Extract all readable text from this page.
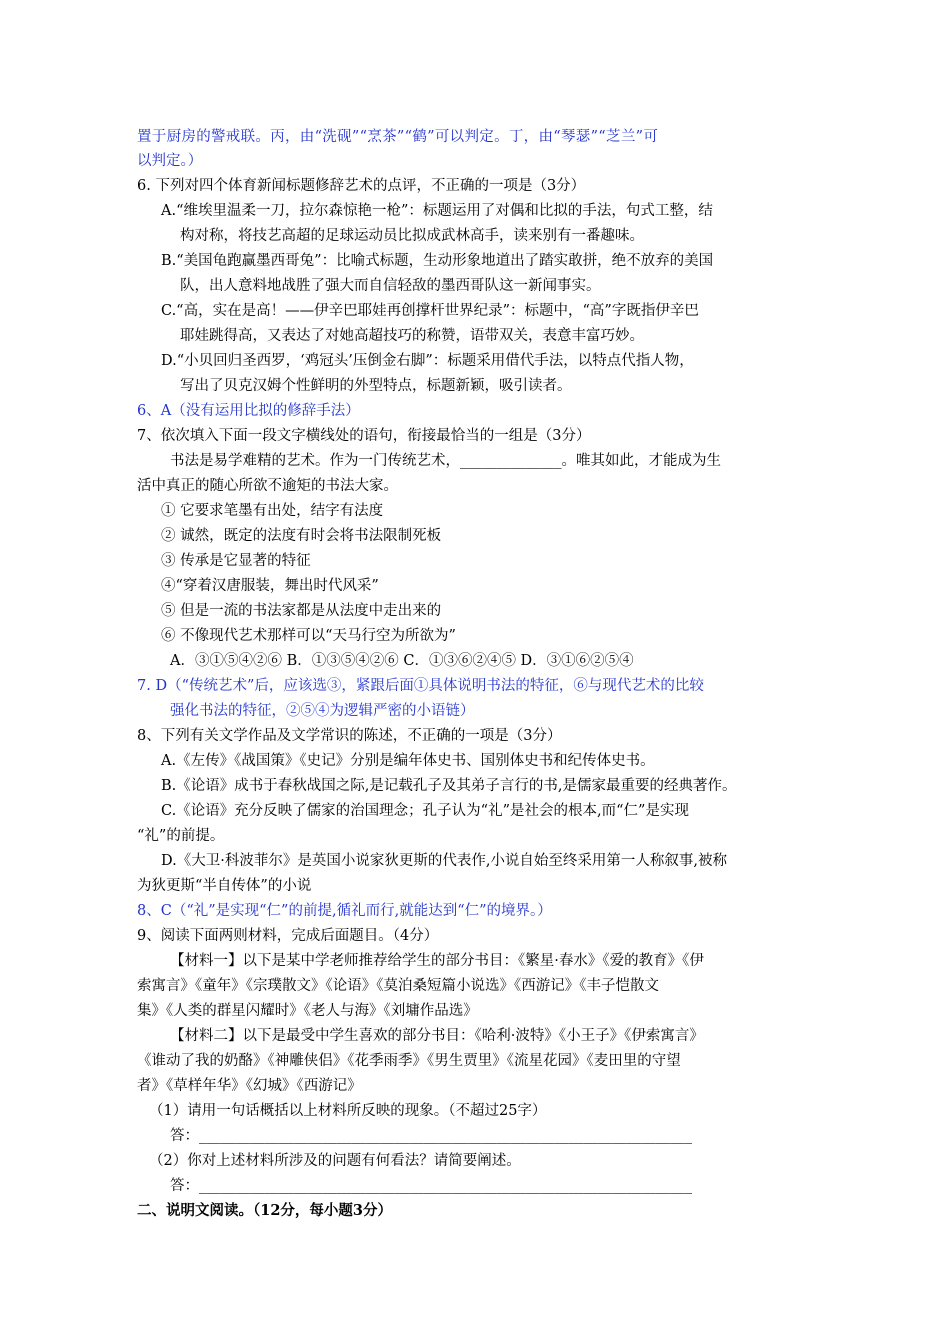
置于厨房的警戒联。丙，由“洗砚”“烹茶”“鹤”可以判定。丁，由“琴瑟”“芝兰”可
以判定。）
6. 下列对四个体育新闻标题修辞艺术的点评，不正确的一项是（3分）
A.“维埃里温柔一刀，拉尔森惊艳一枪”：标题运用了对偶和比拟的手法，句式工整，结
构对称，将技艺高超的足球运动员比拟成武林高手，读来别有一番趣味。
B.“美国龟跑赢墨西哥兔”：比喻式标题，生动形象地道出了踏实敢拼，绝不放弃的美国
队，出人意料地战胜了强大而自信轻敌的墨西哥队这一新闻事实。
C.“高，实在是高！——伊辛巴耶娃再创撑杆世界纪录”：标题中，“高”字既指伊辛巴
耶娃跳得高，又表达了对她高超技巧的称赞，语带双关，表意丰富巧妙。
D.“小贝回归圣西罗，‘鸡冠头’压倒金右脚”：标题采用借代手法，以特点代指人物，
写出了贝克汉姆个性鲜明的外型特点，标题新颖，吸引读者。
6、A（没有运用比拟的修辞手法）
7、依次填入下面一段文字横线处的语句，衔接最恰当的一组是（3分）
书法是易学难精的艺术。作为一门传统艺术，______________。唯其如此，才能成为生
活中真正的随心所欲不逾矩的书法大家。
① 它要求笔墨有出处，结字有法度
② 诚然，既定的法度有时会将书法限制死板
③ 传承是它显著的特征
④“穿着汉唐服装，舞出时代风采”
⑤ 但是一流的书法家都是从法度中走出来的
⑥ 不像现代艺术那样可以“天马行空为所欲为”
A．③①⑤④②⑥ B．①③⑤④②⑥ C．①③⑥②④⑤ D．③①⑥②⑤④
7. D（“传统艺术”后，应该选③，紧跟后面①具体说明书法的特征，⑥与现代艺术的比较
强化书法的特征，②⑤④为逻辑严密的小语链）
8、下列有关文学作品及文学常识的陈述，不正确的一项是（3分）
A.《左传》《战国策》《史记》分别是编年体史书、国别体史书和纪传体史书。
B.《论语》成书于春秋战国之际,是记载孔子及其弟子言行的书,是儒家最重要的经典著作。
C.《论语》充分反映了儒家的治国理念；孔子认为“礼”是社会的根本,而“仁”是实现
“礼”的前提。
D.《大卫·科波菲尔》是英国小说家狄更斯的代表作,小说自始至终采用第一人称叙事,被称
为狄更斯“半自传体”的小说
8、C（“礼”是实现“仁”的前提,循礼而行,就能达到“仁”的境界。）
9、阅读下面两则材料，完成后面题目。（4分）
【材料一】以下是某中学老师推荐给学生的部分书目：《繁星·春水》《爱的教育》《伊
索寓言》《童年》《宗璞散文》《论语》《莫泊桑短篇小说选》《西游记》《丰子恺散文
集》《人类的群星闪耀时》《老人与海》《刘墉作品选》
【材料二】以下是最受中学生喜欢的部分书目：《哈利·波特》《小王子》《伊索寓言》
《谁动了我的奶酪》《神雕侠侣》《花季雨季》《男生贾里》《流星花园》《麦田里的守望
者》《草样年华》《幻城》《西游记》
（1）请用一句话概括以上材料所反映的现象。（不超过25字）
答：____________________________________________________________________
（2）你对上述材料所涉及的问题有何看法？请简要阐述。
答：____________________________________________________________________
二、说明文阅读。（12分，每小题3分）
